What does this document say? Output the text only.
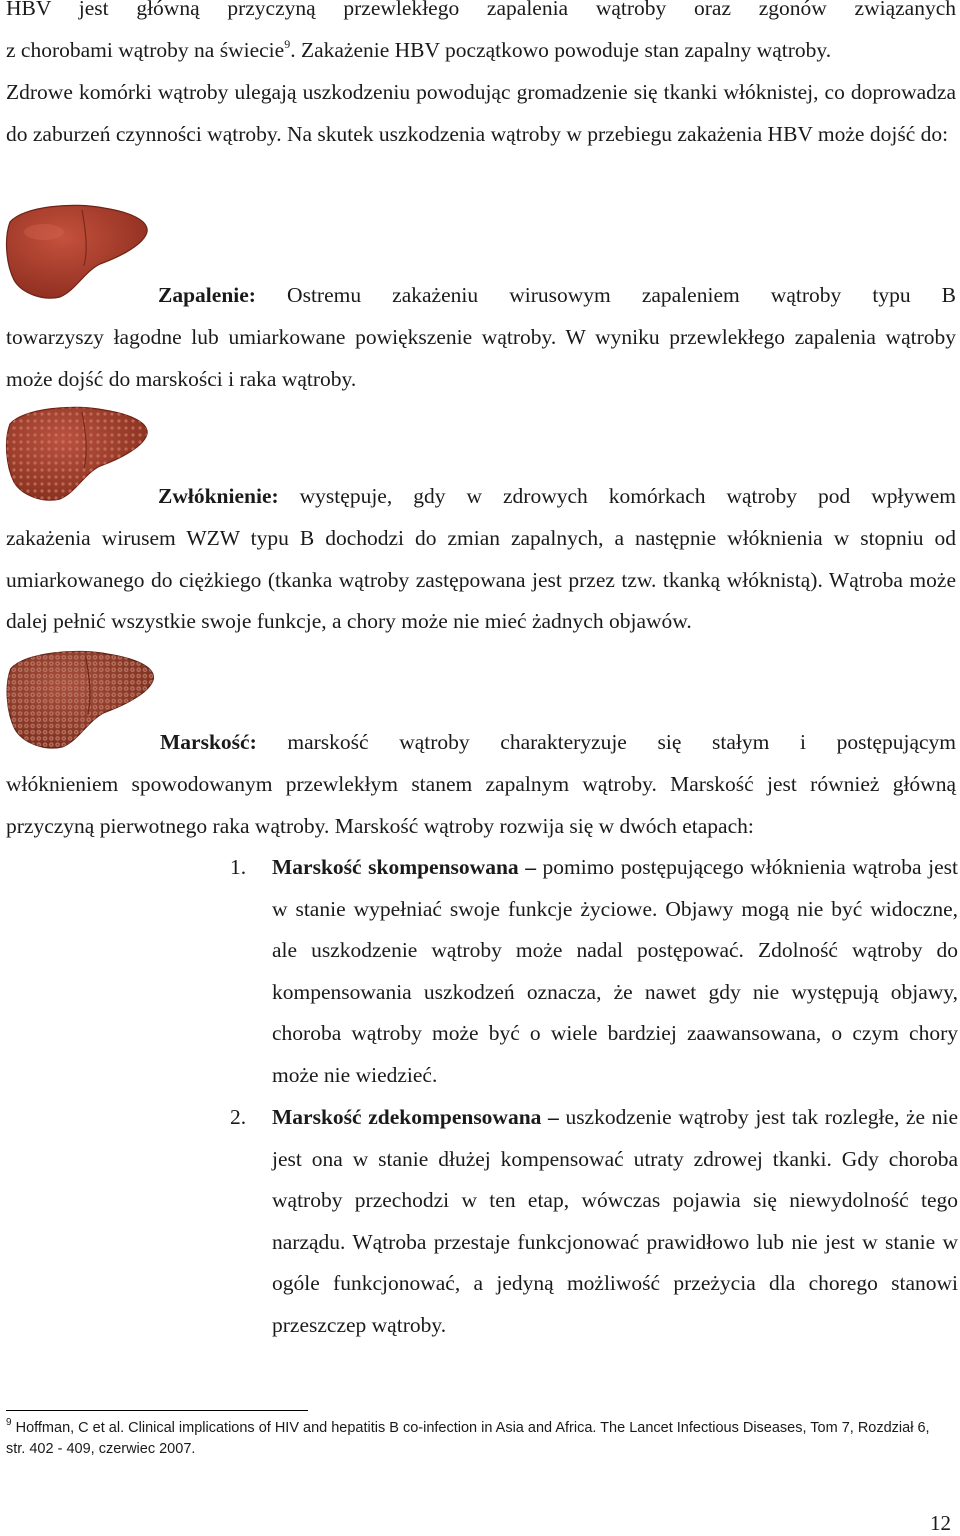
HBV jest główną przyczyną przewlekłego zapalenia wątroby oraz zgonów związanych

z chorobami wątroby na świecie$^9$. Zakażenie HBV początkowo powoduje stan zapalny wątroby.

Zdrowe komórki wątroby ulegają uszkodzeniu powodując gromadzenie się tkanki włóknistej, co doprowadza do zaburzeń czynności wątroby. Na skutek uszkodzenia wątroby w przebiegu zakażenia HBV może dojść do:

Zapalenie: Ostremu zakażeniu wirusowym zapaleniem wątroby typu B

towarzyszy łagodne lub umiarkowane powiększenie wątroby. W wyniku przewlekłego zapalenia wątroby może dojść do marskości i raka wątroby.

Zwłóknienie: występuje, gdy w zdrowych komórkach wątroby pod wpływem

zakażenia wirusem WZW typu B dochodzi do zmian zapalnych, a następnie włóknienia w stopniu od umiarkowanego do ciężkiego (tkanka wątroby zastępowana jest przez tzw. tkanką włóknistą). Wątroba może dalej pełnić wszystkie swoje funkcje, a chory może nie mieć żadnych objawów.

Marskość: marskość wątroby charakteryzuje się stałym i postępującym

włóknieniem spowodowanym przewlekłym stanem zapalnym wątroby. Marskość jest również główną przyczyną pierwotnego raka wątroby. Marskość wątroby rozwija się w dwóch etapach:

1.	Marskość skompensowana – pomimo postępującego włóknienia wątroba jest w stanie wypełniać swoje funkcje życiowe. Objawy mogą nie być widoczne, ale uszkodzenie wątroby może nadal postępować. Zdolność wątroby do kompensowania uszkodzeń oznacza, że nawet gdy nie występują objawy, choroba wątroby może być o wiele bardziej zaawansowana, o czym chory może nie wiedzieć.

2.	Marskość zdekompensowana – uszkodzenie wątroby jest tak rozległe, że nie jest ona w stanie dłużej kompensować utraty zdrowej tkanki. Gdy choroba wątroby przechodzi w ten etap, wówczas pojawia się niewydolność tego narządu. Wątroba przestaje funkcjonować prawidłowo lub nie jest w stanie w ogóle funkcjonować, a jedyną możliwość przeżycia dla chorego stanowi przeszczep wątroby.

$^9$ Hoffman, C et al. Clinical implications of HIV and hepatitis B co-infection in Asia and Africa. The Lancet Infectious Diseases, Tom 7, Rozdział 6, str. 402 - 409, czerwiec 2007.
12
